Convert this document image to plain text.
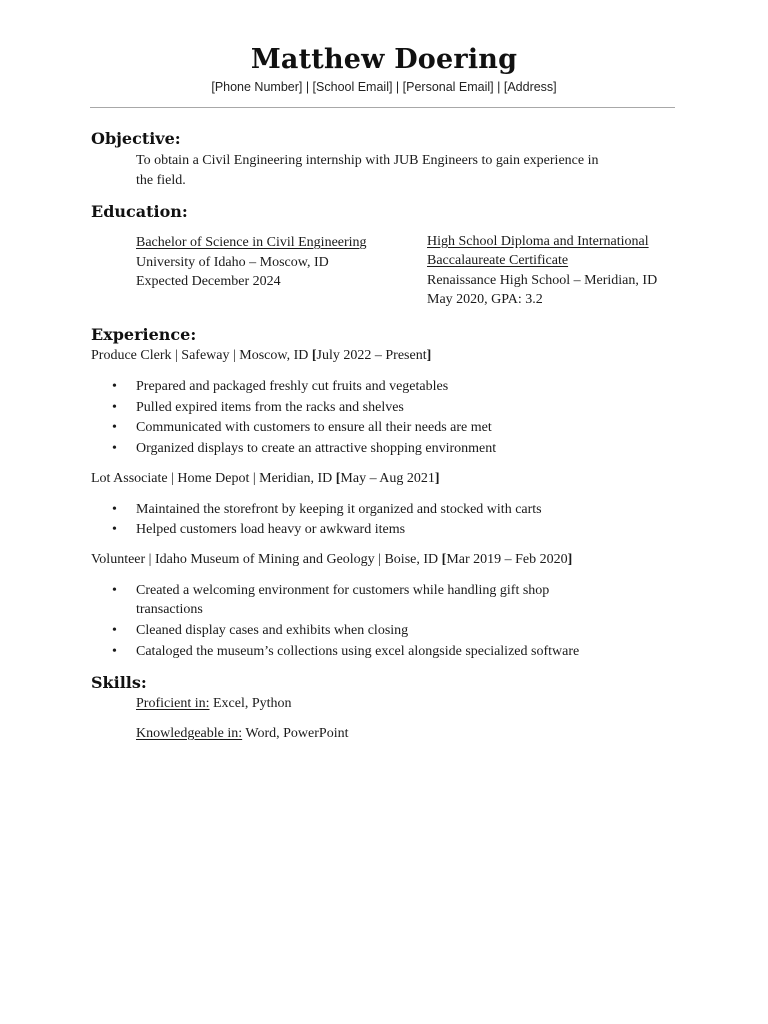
Matthew Doering
[Phone Number] | [School Email] | [Personal Email] | [Address]
Objective:
To obtain a Civil Engineering internship with JUB Engineers to gain experience in
the field.
Education:
Bachelor of Science in Civil Engineering
University of Idaho – Moscow, ID
Expected December 2024
High School Diploma and International
Baccalaureate Certificate
Renaissance High School – Meridian, ID
May 2020, GPA: 3.2
Experience:
Produce Clerk | Safeway | Moscow, ID [July 2022 – Present]
• Prepared and packaged freshly cut fruits and vegetables
• Pulled expired items from the racks and shelves
• Communicated with customers to ensure all their needs are met
• Organized displays to create an attractive shopping environment
Lot Associate | Home Depot | Meridian, ID [May – Aug 2021]
• Maintained the storefront by keeping it organized and stocked with carts
• Helped customers load heavy or awkward items
Volunteer | Idaho Museum of Mining and Geology | Boise, ID [Mar 2019 – Feb 2020]
• Created a welcoming environment for customers while handling gift shop
transactions
• Cleaned display cases and exhibits when closing
• Cataloged the museum’s collections using excel alongside specialized software
Skills:
Proficient in: Excel, Python
Knowledgeable in: Word, PowerPoint
